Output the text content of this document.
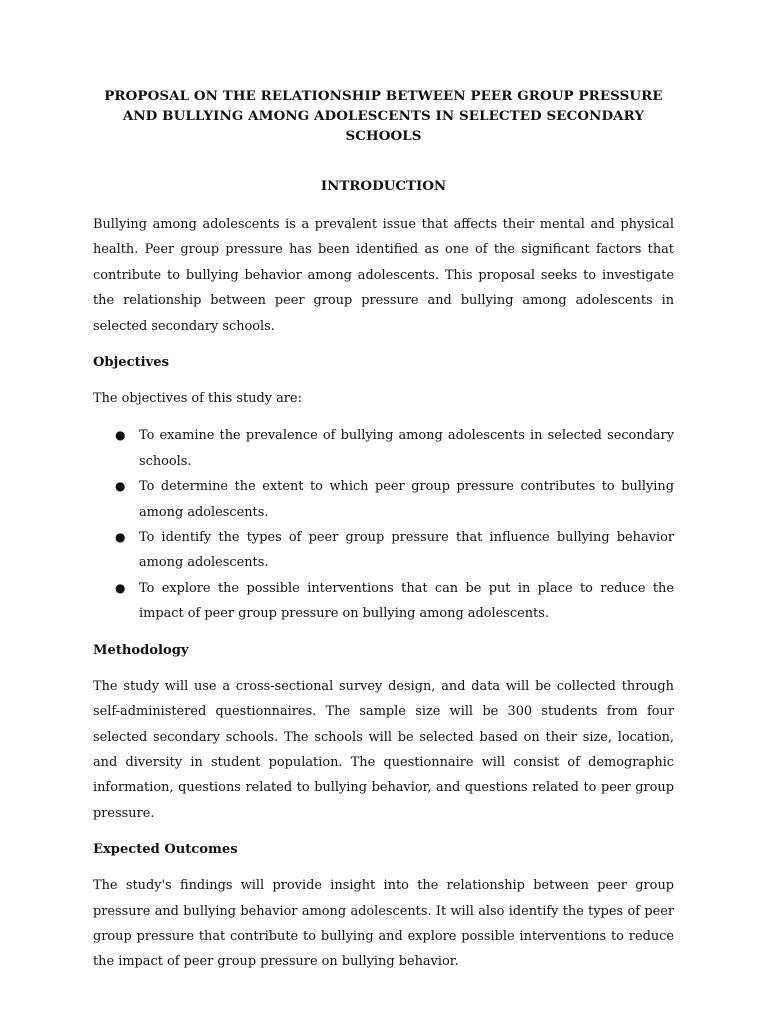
PROPOSAL ON THE RELATIONSHIP BETWEEN PEER GROUP PRESSURE AND BULLYING AMONG ADOLESCENTS IN SELECTED SECONDARY SCHOOLS
INTRODUCTION

Bullying among adolescents is a prevalent issue that affects their mental and physical health. Peer group pressure has been identified as one of the significant factors that contribute to bullying behavior among adolescents. This proposal seeks to investigate the relationship between peer group pressure and bullying among adolescents in selected secondary schools.

Objectives

The objectives of this study are:

● To examine the prevalence of bullying among adolescents in selected secondary schools.
● To determine the extent to which peer group pressure contributes to bullying among adolescents.
● To identify the types of peer group pressure that influence bullying behavior among adolescents.
● To explore the possible interventions that can be put in place to reduce the impact of peer group pressure on bullying among adolescents.
Methodology

The study will use a cross-sectional survey design, and data will be collected through self-administered questionnaires. The sample size will be 300 students from four selected secondary schools. The schools will be selected based on their size, location, and diversity in student population. The questionnaire will consist of demographic information, questions related to bullying behavior, and questions related to peer group pressure.

Expected Outcomes

The study's findings will provide insight into the relationship between peer group pressure and bullying behavior among adolescents. It will also identify the types of peer group pressure that contribute to bullying and explore possible interventions to reduce the impact of peer group pressure on bullying behavior.
